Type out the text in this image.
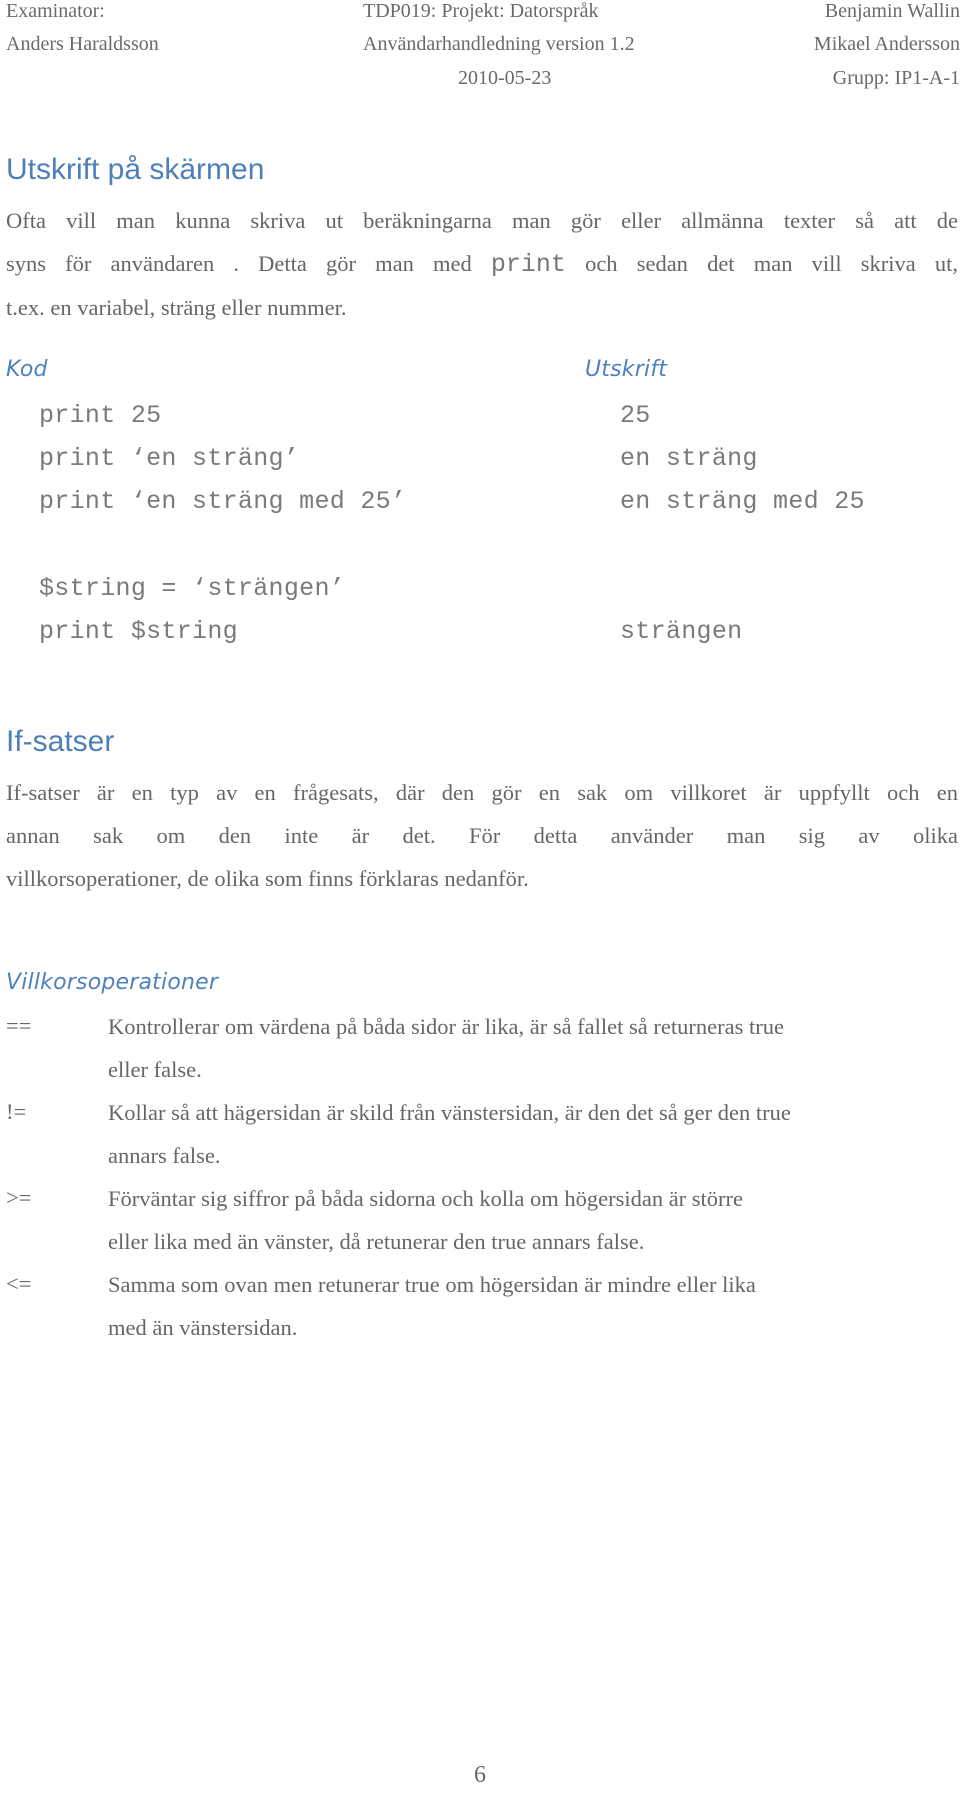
Examinator:	TDP019: Projekt: Datorspråk	Benjamin Wallin
Anders Haraldsson	Användarhandledning version 1.2	Mikael Andersson
2010-05-23	Grupp: IP1-A-1
Utskrift på skärmen
Ofta vill man kunna skriva ut beräkningarna man gör eller allmänna texter så att de
syns för användaren . Detta gör man med print och sedan det man vill skriva ut,
t.ex. en variabel, sträng eller nummer.
Kod	Utskrift
print 25	25
print ‘en sträng’	en sträng
print ‘en sträng med 25’	en sträng med 25
$string = ‘strängen’
print $string	strängen
If-satser
If-satser är en typ av en frågesats, där den gör en sak om villkoret är uppfyllt och en
annan sak om den inte är det. För detta använder man sig av olika
villkorsoperationer, de olika som finns förklaras nedanför.
Villkorsoperationer
==	Kontrollerar om värdena på båda sidor är lika, är så fallet så returneras true
eller false.
!=	Kollar så att hägersidan är skild från vänstersidan, är den det så ger den true
annars false.
>=	Förväntar sig siffror på båda sidorna och kolla om högersidan är större
eller lika med än vänster, då retunerar den true annars false.
<=	Samma som ovan men retunerar true om högersidan är mindre eller lika
med än vänstersidan.
6
